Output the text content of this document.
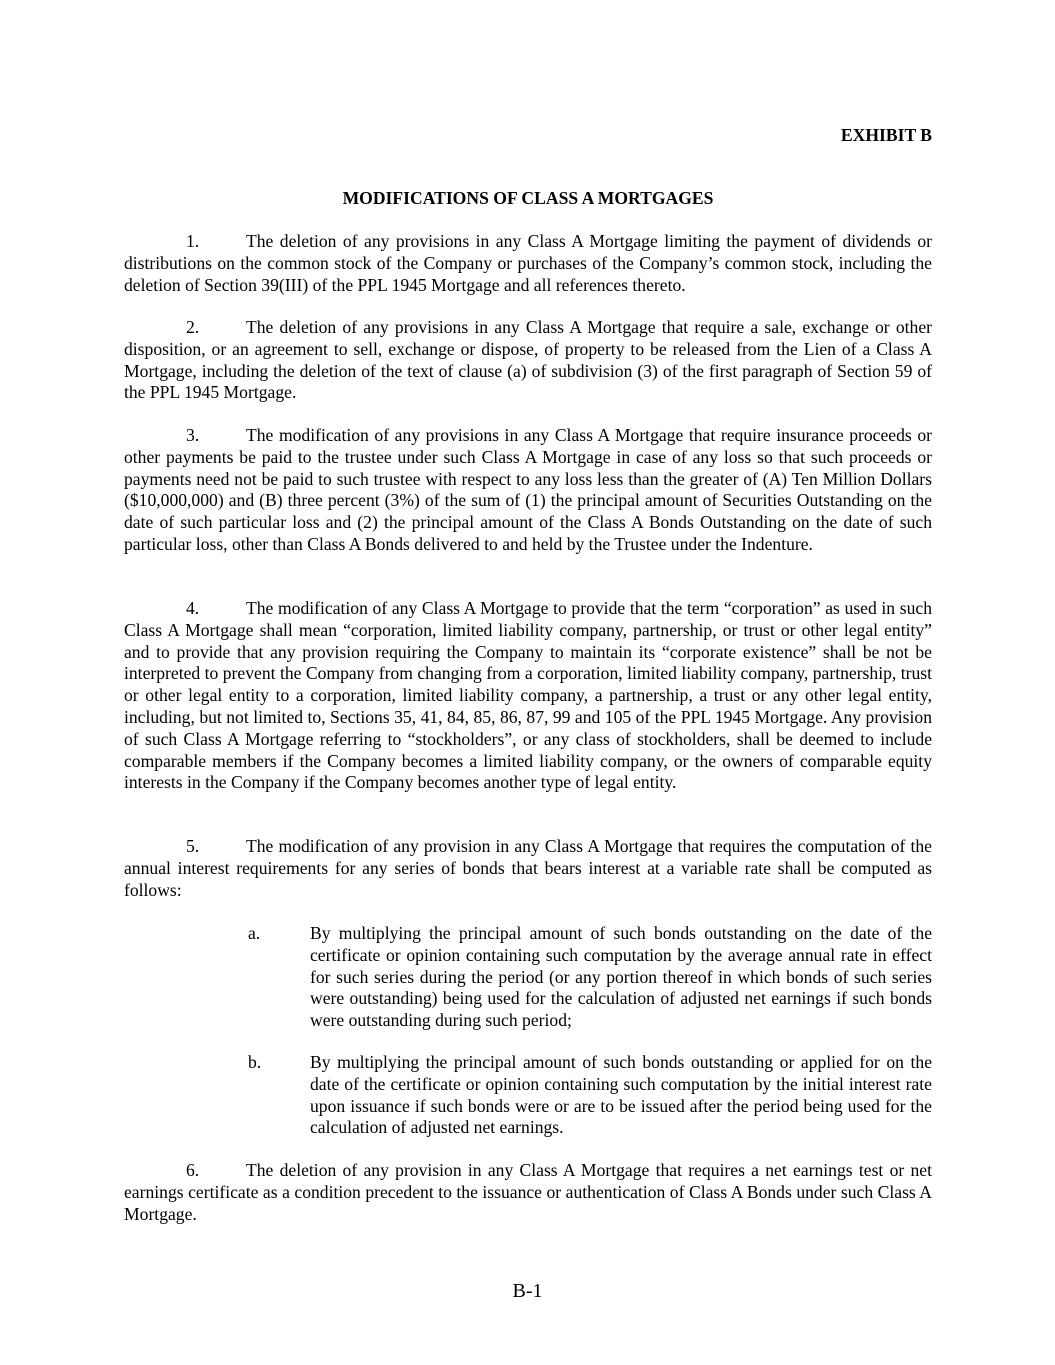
EXHIBIT B
MODIFICATIONS OF CLASS A MORTGAGES

1.	The deletion of any provisions in any Class A Mortgage limiting the payment of dividends or distributions on the common stock of the Company or purchases of the Company’s common stock, including the deletion of Section 39(III) of the PPL 1945 Mortgage and all references thereto.

2.	The deletion of any provisions in any Class A Mortgage that require a sale, exchange or other disposition, or an agreement to sell, exchange or dispose, of property to be released from the Lien of a Class A Mortgage, including the deletion of the text of clause (a) of subdivision (3) of the first paragraph of Section 59 of the PPL 1945 Mortgage.

3.	The modification of any provisions in any Class A Mortgage that require insurance proceeds or other payments be paid to the trustee under such Class A Mortgage in case of any loss so that such proceeds or payments need not be paid to such trustee with respect to any loss less than the greater of (A) Ten Million Dollars ($10,000,000) and (B) three percent (3%) of the sum of (1) the principal amount of Securities Outstanding on the date of such particular loss and (2) the principal amount of the Class A Bonds Outstanding on the date of such particular loss, other than Class A Bonds delivered to and held by the Trustee under the Indenture.

4.	The modification of any Class A Mortgage to provide that the term “corporation” as used in such Class A Mortgage shall mean “corporation, limited liability company, partnership, or trust or other legal entity” and to provide that any provision requiring the Company to maintain its “corporate existence” shall be not be interpreted to prevent the Company from changing from a corporation, limited liability company, partnership, trust or other legal entity to a corporation, limited liability company, a partnership, a trust or any other legal entity, including, but not limited to, Sections 35, 41, 84, 85, 86, 87, 99 and 105 of the PPL 1945 Mortgage. Any provision of such Class A Mortgage referring to “stockholders”, or any class of stockholders, shall be deemed to include comparable members if the Company becomes a limited liability company, or the owners of comparable equity interests in the Company if the Company becomes another type of legal entity.

5.	The modification of any provision in any Class A Mortgage that requires the computation of the annual interest requirements for any series of bonds that bears interest at a variable rate shall be computed as follows:

a.	By multiplying the principal amount of such bonds outstanding on the date of the certificate or opinion containing such computation by the average annual rate in effect for such series during the period (or any portion thereof in which bonds of such series were outstanding) being used for the calculation of adjusted net earnings if such bonds were outstanding during such period;
b.	By multiplying the principal amount of such bonds outstanding or applied for on the date of the certificate or opinion containing such computation by the initial interest rate upon issuance if such bonds were or are to be issued after the period being used for the calculation of adjusted net earnings.

6.	The deletion of any provision in any Class A Mortgage that requires a net earnings test or net earnings certificate as a condition precedent to the issuance or authentication of Class A Bonds under such Class A Mortgage.

B-1
